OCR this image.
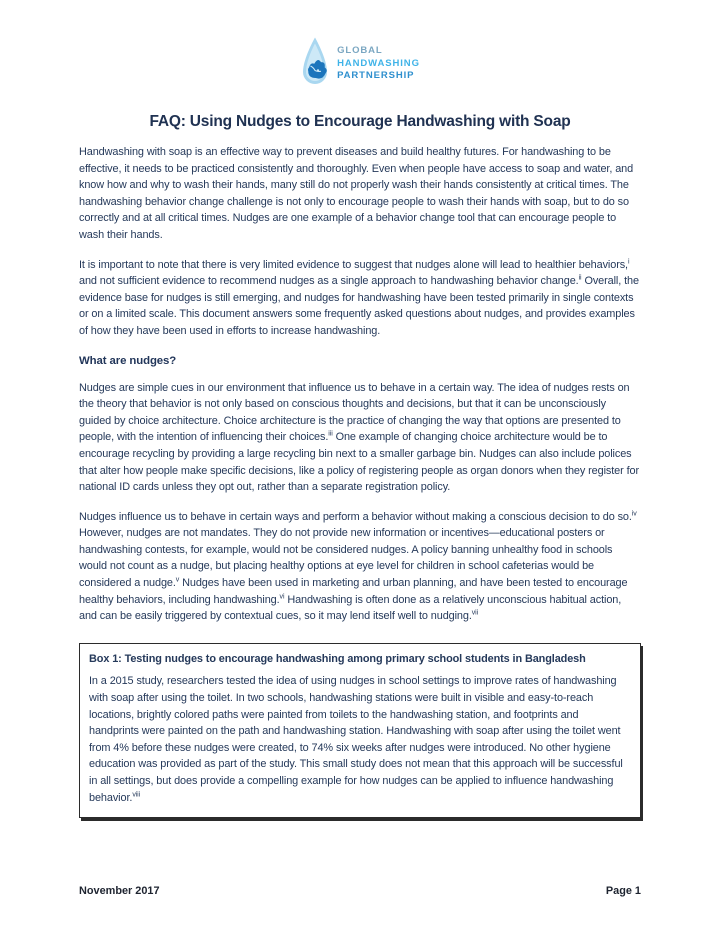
GLOBAL
HANDWASHING
PARTNERSHIP
FAQ: Using Nudges to Encourage Handwashing with Soap

Handwashing with soap is an effective way to prevent diseases and build healthy futures. For handwashing to be effective, it needs to be practiced consistently and thoroughly. Even when people have access to soap and water, and know how and why to wash their hands, many still do not properly wash their hands consistently at critical times. The handwashing behavior change challenge is not only to encourage people to wash their hands with soap, but to do so correctly and at all critical times. Nudges are one example of a behavior change tool that can encourage people to wash their hands.

It is important to note that there is very limited evidence to suggest that nudges alone will lead to healthier behaviors,$^i$ and not sufficient evidence to recommend nudges as a single approach to handwashing behavior change.$^{ii}$ Overall, the evidence base for nudges is still emerging, and nudges for handwashing have been tested primarily in single contexts or on a limited scale. This document answers some frequently asked questions about nudges, and provides examples of how they have been used in efforts to increase handwashing.

What are nudges?

Nudges are simple cues in our environment that influence us to behave in a certain way. The idea of nudges rests on the theory that behavior is not only based on conscious thoughts and decisions, but that it can be unconsciously guided by choice architecture. Choice architecture is the practice of changing the way that options are presented to people, with the intention of influencing their choices.$^{iii}$ One example of changing choice architecture would be to encourage recycling by providing a large recycling bin next to a smaller garbage bin. Nudges can also include polices that alter how people make specific decisions, like a policy of registering people as organ donors when they register for national ID cards unless they opt out, rather than a separate registration policy.

Nudges influence us to behave in certain ways and perform a behavior without making a conscious decision to do so.$^{iv}$ However, nudges are not mandates. They do not provide new information or incentives—educational posters or handwashing contests, for example, would not be considered nudges. A policy banning unhealthy food in schools would not count as a nudge, but placing healthy options at eye level for children in school cafeterias would be considered a nudge.$^v$ Nudges have been used in marketing and urban planning, and have been tested to encourage healthy behaviors, including handwashing.$^{vi}$ Handwashing is often done as a relatively unconscious habitual action, and can be easily triggered by contextual cues, so it may lend itself well to nudging.$^{vii}$

Box 1: Testing nudges to encourage handwashing among primary school students in Bangladesh

In a 2015 study, researchers tested the idea of using nudges in school settings to improve rates of handwashing with soap after using the toilet. In two schools, handwashing stations were built in visible and easy-to-reach locations, brightly colored paths were painted from toilets to the handwashing station, and footprints and handprints were painted on the path and handwashing station. Handwashing with soap after using the toilet went from 4% before these nudges were created, to 74% six weeks after nudges were introduced. No other hygiene education was provided as part of the study. This small study does not mean that this approach will be successful in all settings, but does provide a compelling example for how nudges can be applied to influence handwashing behavior.$^{viii}$

November 2017	Page 1
